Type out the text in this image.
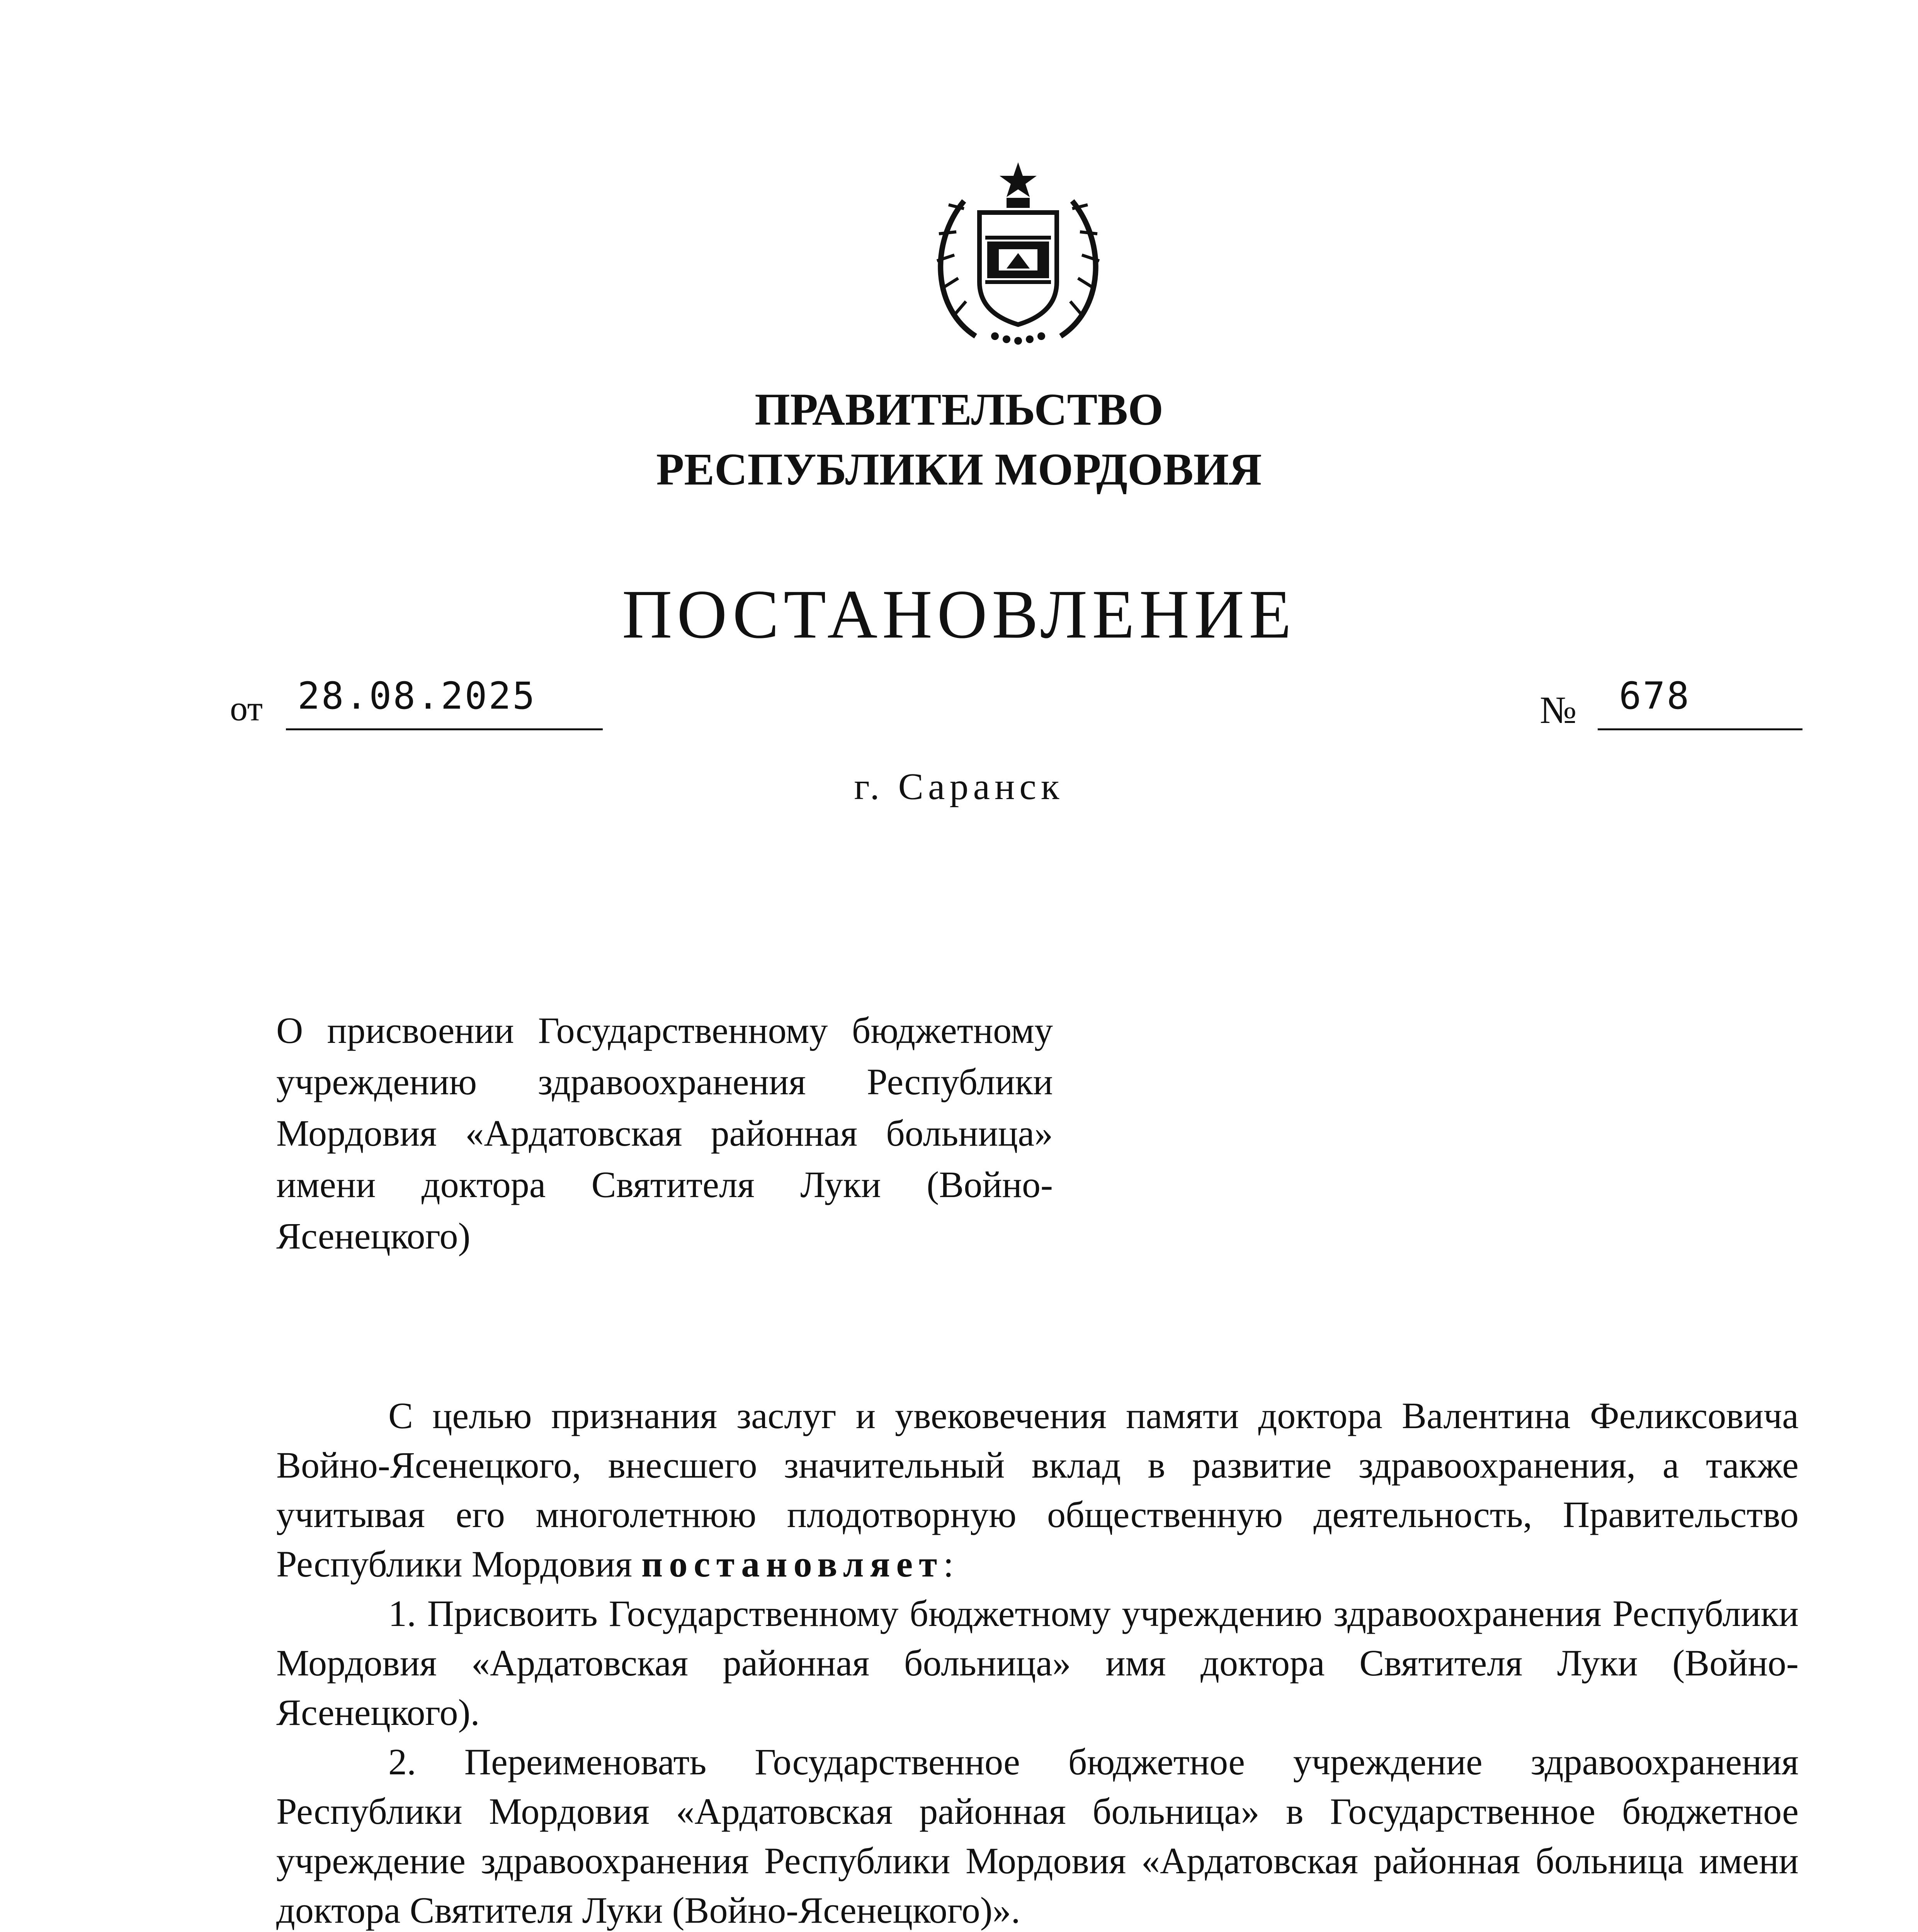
ПРАВИТЕЛЬСТВО
РЕСПУБЛИКИ МОРДОВИЯ
ПОСТАНОВЛЕНИЕ
от 28.08.2025	№ 678
г. Саранск
О присвоении Государственному бюджетному учреждению здравоохранения Республики Мордовия «Ардатовская районная больница» имени доктора Святителя Луки (Войно-Ясенецкого)

С целью признания заслуг и увековечения памяти доктора Валентина Феликсовича Войно-Ясенецкого, внесшего значительный вклад в развитие здравоохранения, а также учитывая его многолетнюю плодотворную общественную деятельность, Правительство Республики Мордовия постановляет:

1. Присвоить Государственному бюджетному учреждению здравоохранения Республики Мордовия «Ардатовская районная больница» имя доктора Святителя Луки (Войно-Ясенецкого).

2. Переименовать Государственное бюджетное учреждение здравоохранения Республики Мордовия «Ардатовская районная больница» в Государственное бюджетное учреждение здравоохранения Республики Мордовия «Ардатовская районная больница имени доктора Святителя Луки (Войно-Ясенецкого)».
